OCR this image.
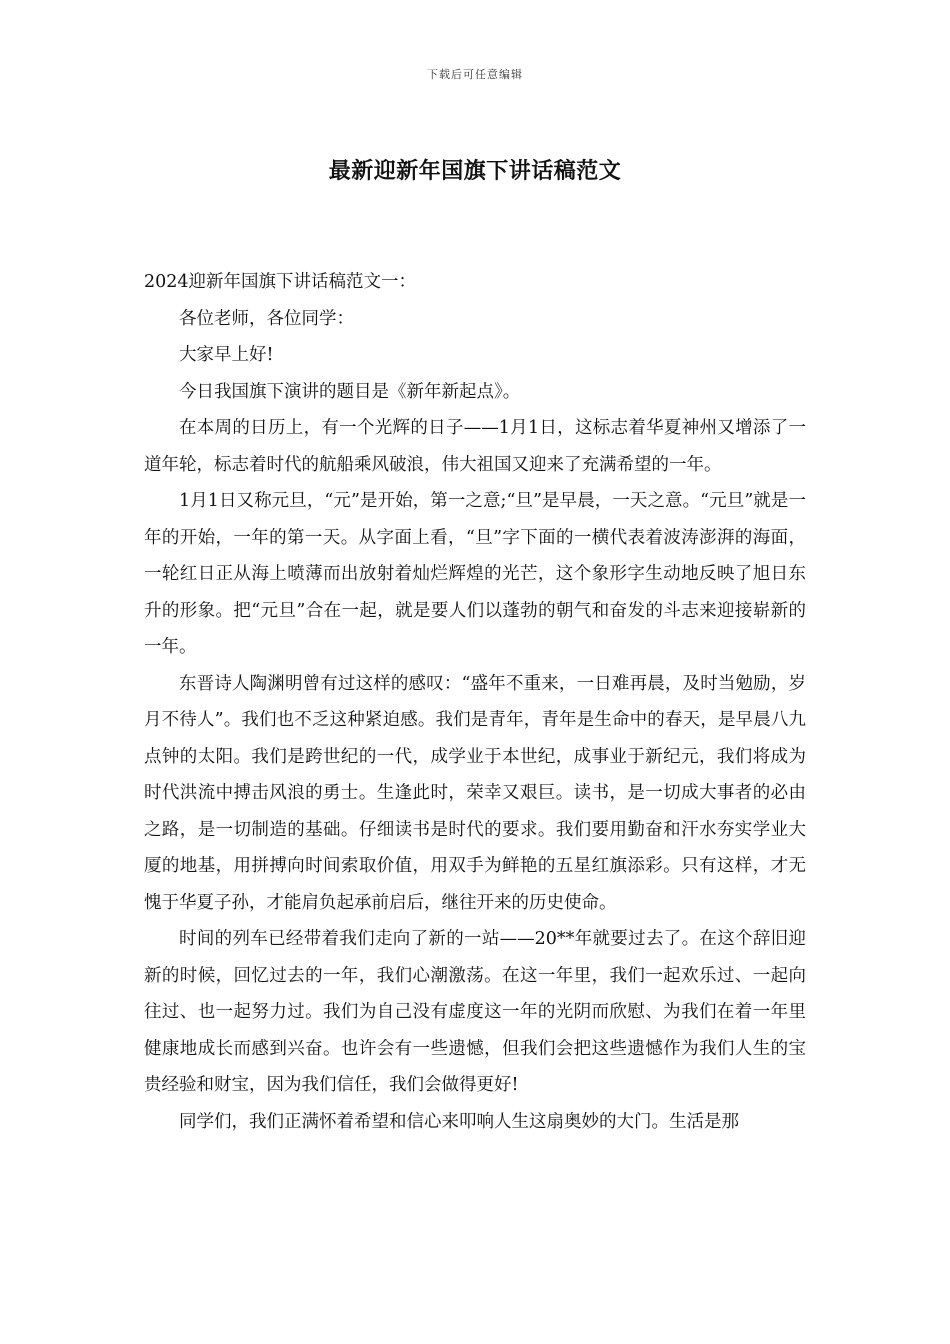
下载后可任意编辑
最新迎新年国旗下讲话稿范文

2024迎新年国旗下讲话稿范文一：

各位老师，各位同学：

大家早上好!

今日我国旗下演讲的题目是《新年新起点》。

在本周的日历上，有一个光辉的日子——1月1日，这标志着华夏神州又增添了一道年轮，标志着时代的航船乘风破浪，伟大祖国又迎来了充满希望的一年。

1月1日又称元旦，“元”是开始，第一之意;“旦”是早晨，一天之意。“元旦”就是一年的开始，一年的第一天。从字面上看，“旦”字下面的一横代表着波涛澎湃的海面，一轮红日正从海上喷薄而出放射着灿烂辉煌的光芒，这个象形字生动地反映了旭日东升的形象。把“元旦”合在一起，就是要人们以蓬勃的朝气和奋发的斗志来迎接崭新的一年。

东晋诗人陶渊明曾有过这样的感叹：“盛年不重来，一日难再晨，及时当勉励，岁月不待人”。我们也不乏这种紧迫感。我们是青年，青年是生命中的春天，是早晨八九点钟的太阳。我们是跨世纪的一代，成学业于本世纪，成事业于新纪元，我们将成为时代洪流中搏击风浪的勇士。生逢此时，荣幸又艰巨。读书，是一切成大事者的必由之路，是一切制造的基础。仔细读书是时代的要求。我们要用勤奋和汗水夯实学业大厦的地基，用拼搏向时间索取价值，用双手为鲜艳的五星红旗添彩。只有这样，才无愧于华夏子孙，才能肩负起承前启后，继往开来的历史使命。

时间的列车已经带着我们走向了新的一站——20**年就要过去了。在这个辞旧迎新的时候，回忆过去的一年，我们心潮激荡。在这一年里，我们一起欢乐过、一起向往过、也一起努力过。我们为自己没有虚度这一年的光阴而欣慰、为我们在着一年里健康地成长而感到兴奋。也许会有一些遗憾，但我们会把这些遗憾作为我们人生的宝贵经验和财宝，因为我们信任，我们会做得更好!

同学们，我们正满怀着希望和信心来叩响人生这扇奥妙的大门。生活是那
